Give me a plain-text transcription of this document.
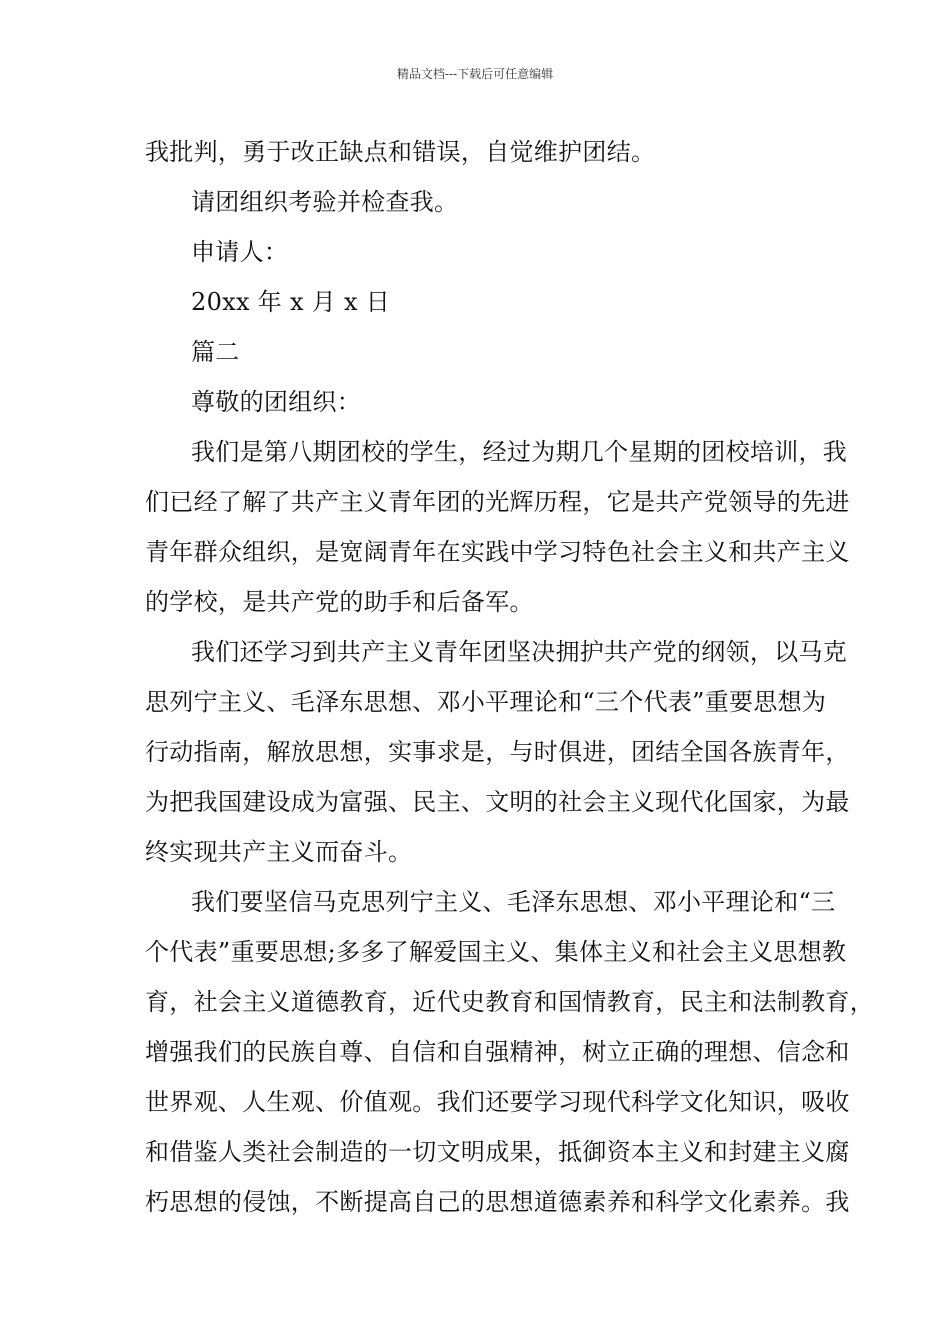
精品文档---下载后可任意编辑
我批判，勇于改正缺点和错误，自觉维护团结。
请团组织考验并检查我。
申请人：
20xx 年 x 月 x 日
篇二
尊敬的团组织：
我们是第八期团校的学生，经过为期几个星期的团校培训，我
们已经了解了共产主义青年团的光辉历程，它是共产党领导的先进
青年群众组织，是宽阔青年在实践中学习特色社会主义和共产主义
的学校，是共产党的助手和后备军。
我们还学习到共产主义青年团坚决拥护共产党的纲领，以马克
思列宁主义、毛泽东思想、邓小平理论和“三个代表”重要思想为
行动指南，解放思想，实事求是，与时俱进，团结全国各族青年，
为把我国建设成为富强、民主、文明的社会主义现代化国家，为最
终实现共产主义而奋斗。
我们要坚信马克思列宁主义、毛泽东思想、邓小平理论和“三
个代表”重要思想;多多了解爱国主义、集体主义和社会主义思想教
育，社会主义道德教育，近代史教育和国情教育，民主和法制教育，
增强我们的民族自尊、自信和自强精神，树立正确的理想、信念和
世界观、人生观、价值观。我们还要学习现代科学文化知识，吸收
和借鉴人类社会制造的一切文明成果，抵御资本主义和封建主义腐
朽思想的侵蚀，不断提高自己的思想道德素养和科学文化素养。我
